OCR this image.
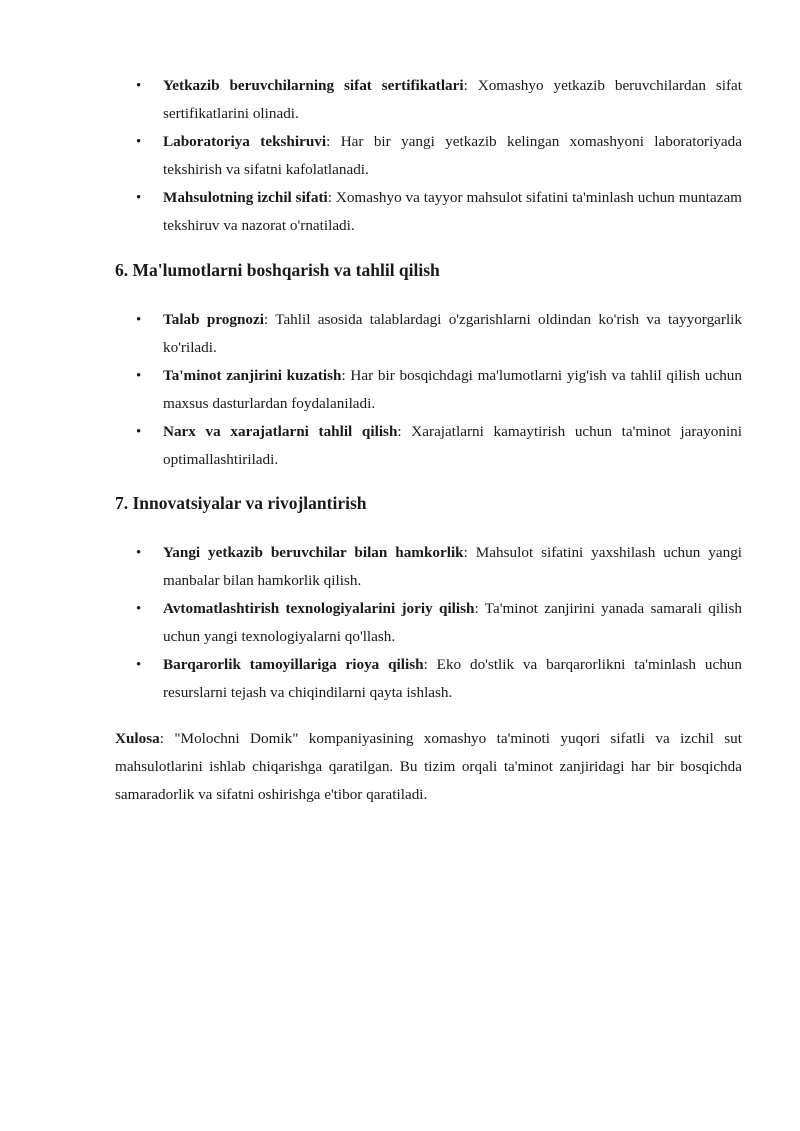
• Yetkazib beruvchilarning sifat sertifikatlari: Xomashyo yetkazib beruvchilardan sifat sertifikatlarini olinadi.
• Laboratoriya tekshiruvi: Har bir yangi yetkazib kelingan xomashyoni laboratoriyada tekshirish va sifatni kafolatlanadi.
• Mahsulotning izchil sifati: Xomashyo va tayyor mahsulot sifatini ta'minlash uchun muntazam tekshiruv va nazorat o'rnatiladi.
6. Ma'lumotlarni boshqarish va tahlil qilish
• Talab prognozi: Tahlil asosida talablardagi o'zgarishlarni oldindan ko'rish va tayyorgarlik ko'riladi.
• Ta'minot zanjirini kuzatish: Har bir bosqichdagi ma'lumotlarni yig'ish va tahlil qilish uchun maxsus dasturlardan foydalaniladi.
• Narx va xarajatlarni tahlil qilish: Xarajatlarni kamaytirish uchun ta'minot jarayonini optimallashtiriladi.
7. Innovatsiyalar va rivojlantirish
• Yangi yetkazib beruvchilar bilan hamkorlik: Mahsulot sifatini yaxshilash uchun yangi manbalar bilan hamkorlik qilish.
• Avtomatlashtirish texnologiyalarini joriy qilish: Ta'minot zanjirini yanada samarali qilish uchun yangi texnologiyalarni qo'llash.
• Barqarorlik tamoyillariga rioya qilish: Eko do'stlik va barqarorlikni ta'minlash uchun resurslarni tejash va chiqindilarni qayta ishlash.

Xulosa: "Molochni Domik" kompaniyasining xomashyo ta'minoti yuqori sifatli va izchil sut mahsulotlarini ishlab chiqarishga qaratilgan. Bu tizim orqali ta'minot zanjiridagi har bir bosqichda samaradorlik va sifatni oshirishga e'tibor qaratiladi.
